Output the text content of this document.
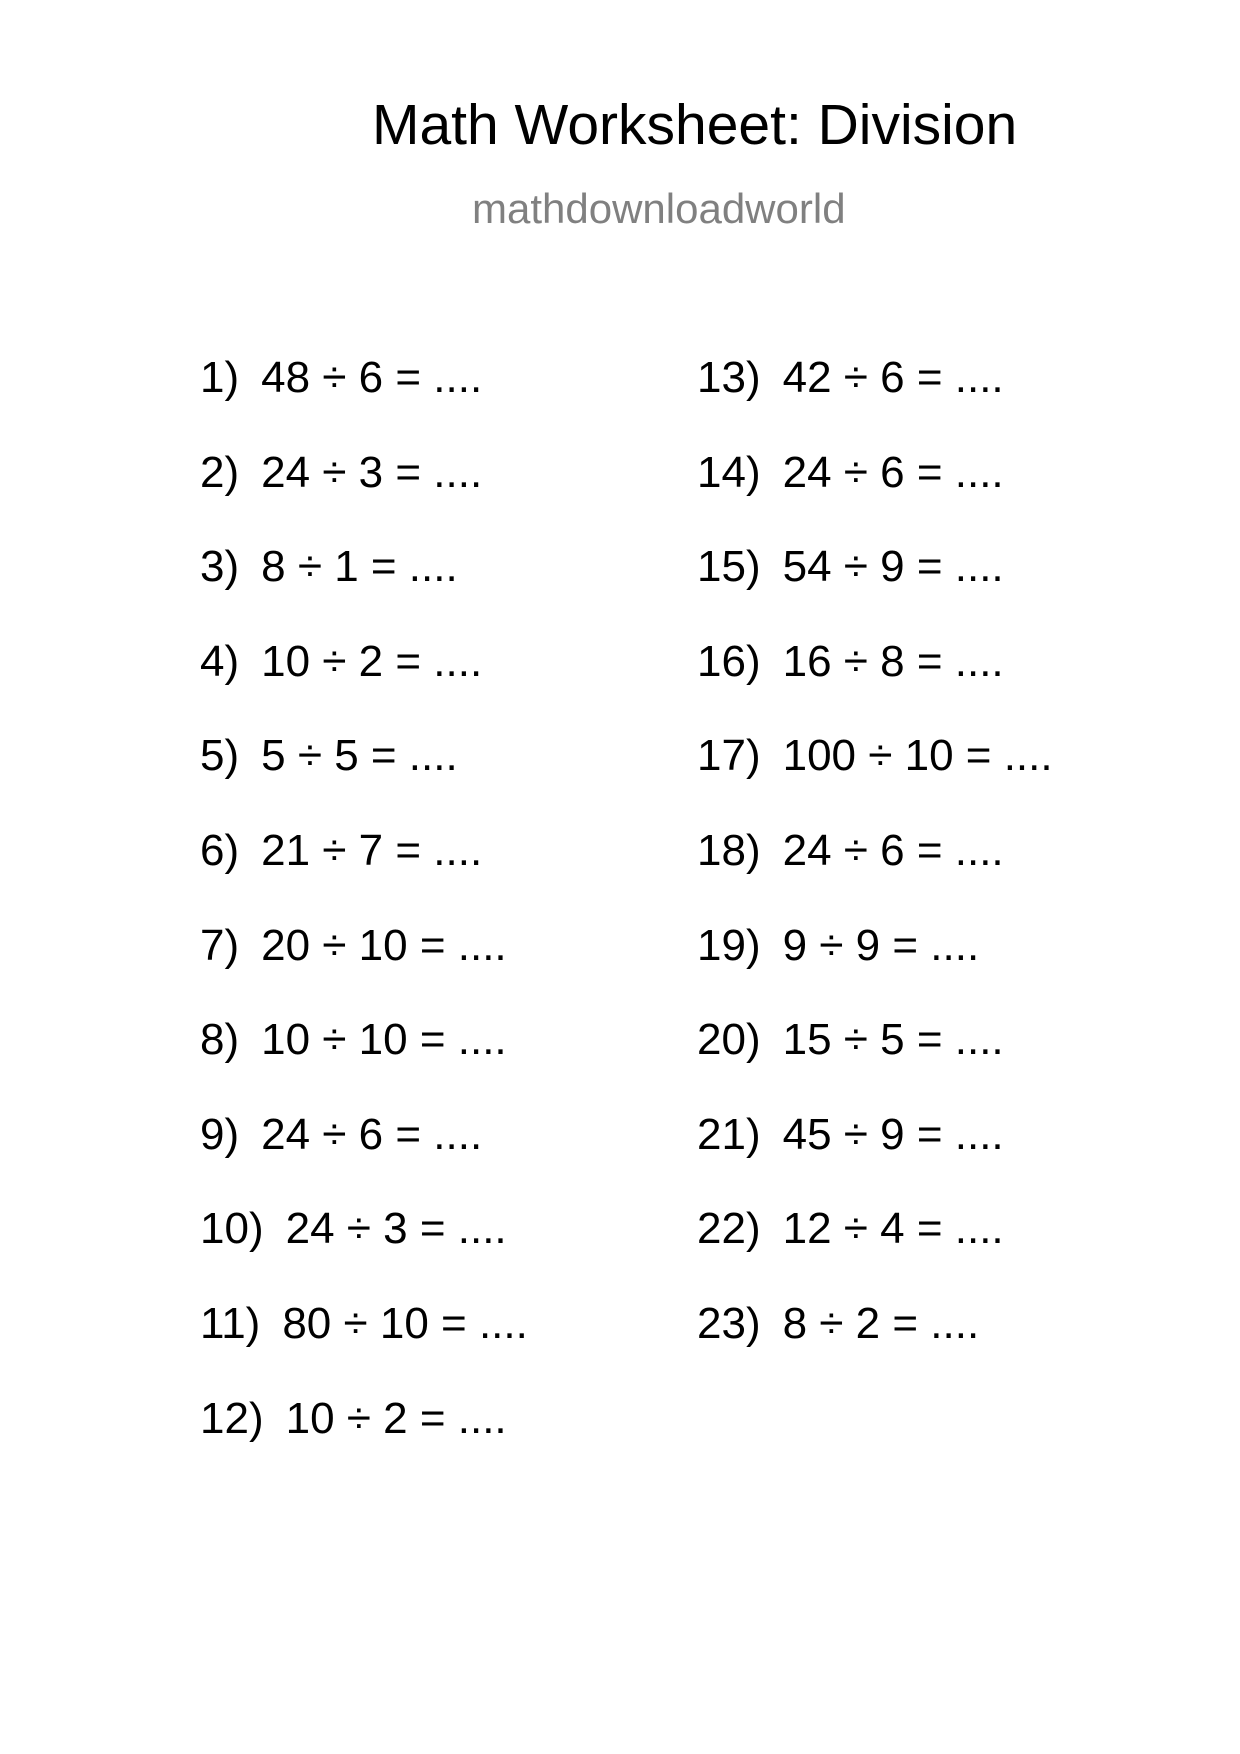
Math Worksheet: Division
mathdownloadworld
1) 48 ÷ 6 = ....
2) 24 ÷ 3 = ....
3) 8 ÷ 1 = ....
4) 10 ÷ 2 = ....
5) 5 ÷ 5 = ....
6) 21 ÷ 7 = ....
7) 20 ÷ 10 = ....
8) 10 ÷ 10 = ....
9) 24 ÷ 6 = ....
10) 24 ÷ 3 = ....
11) 80 ÷ 10 = ....
12) 10 ÷ 2 = ....
13) 42 ÷ 6 = ....
14) 24 ÷ 6 = ....
15) 54 ÷ 9 = ....
16) 16 ÷ 8 = ....
17) 100 ÷ 10 = ....
18) 24 ÷ 6 = ....
19) 9 ÷ 9 = ....
20) 15 ÷ 5 = ....
21) 45 ÷ 9 = ....
22) 12 ÷ 4 = ....
23) 8 ÷ 2 = ....
